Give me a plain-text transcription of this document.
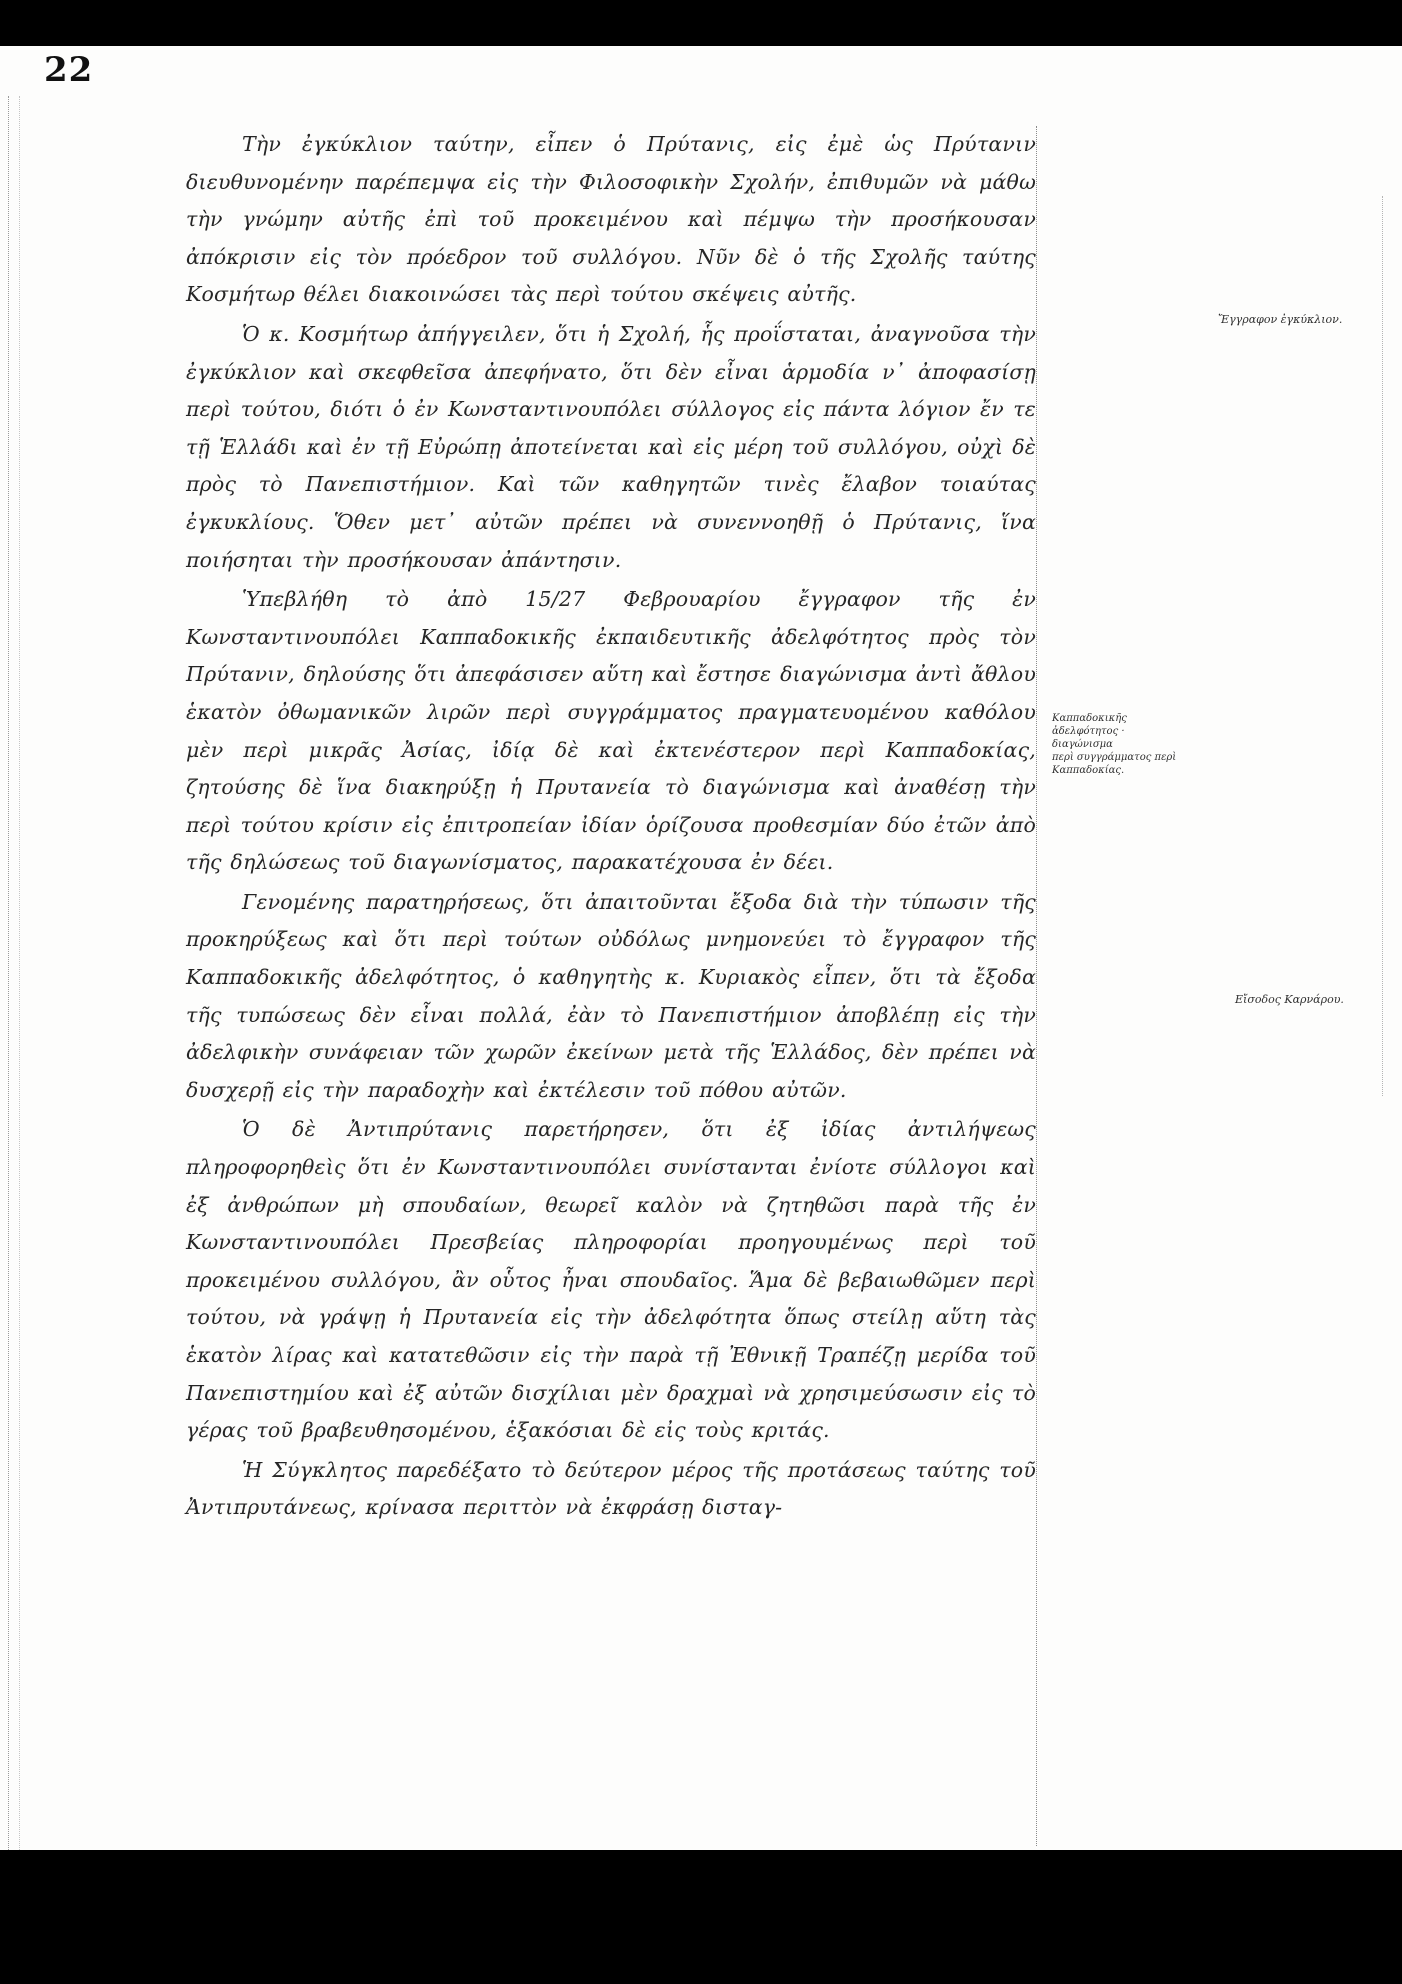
22

Τὴν ἐγκύκλιον ταύτην, εἶπεν ὁ Πρύτανις, εἰς ἐμὲ ὡς Πρύτανιν διευθυνομένην παρέπεμψα εἰς τὴν Φιλοσοφικὴν Σχολήν, ἐπιθυμῶν νὰ μάθω τὴν γνώμην αὐτῆς ἐπὶ τοῦ προκειμένου καὶ πέμψω τὴν προσήκουσαν ἀπόκρισιν εἰς τὸν πρόεδρον τοῦ συλλόγου. Νῦν δὲ ὁ τῆς Σχολῆς ταύτης Κοσμήτωρ θέλει διακοινώσει τὰς περὶ τούτου σκέψεις αὐτῆς.

Ὁ κ. Κοσμήτωρ ἀπήγγειλεν, ὅτι ἡ Σχολή, ἧς προΐσταται, ἀναγνοῦσα τὴν ἐγκύκλιον καὶ σκεφθεῖσα ἀπεφήνατο, ὅτι δὲν εἶναι ἁρμοδία ν᾽ ἀποφασίσῃ περὶ τούτου, διότι ὁ ἐν Κωνσταντινουπόλει σύλλογος εἰς πάντα λόγιον ἔν τε τῇ Ἑλλάδι καὶ ἐν τῇ Εὐρώπῃ ἀποτείνεται καὶ εἰς μέρη τοῦ συλλόγου, οὐχὶ δὲ πρὸς τὸ Πανεπιστήμιον. Καὶ τῶν καθηγητῶν τινὲς ἔλαβον τοιαύτας ἐγκυκλίους. Ὅθεν μετ᾽ αὐτῶν πρέπει νὰ συνεννοηθῇ ὁ Πρύτανις, ἵνα ποιήσηται τὴν προσήκουσαν ἀπάντησιν.

Ὑπεβλήθη τὸ ἀπὸ 15/27 Φεβρουαρίου ἔγγραφον τῆς ἐν Κωνσταντινουπόλει Καππαδοκικῆς ἐκπαιδευτικῆς ἀδελφότητος πρὸς τὸν Πρύτανιν, δηλούσης ὅτι ἀπεφάσισεν αὕτη καὶ ἔστησε διαγώνισμα ἀντὶ ἄθλου ἑκατὸν ὀθωμανικῶν λιρῶν περὶ συγγράμματος πραγματευομένου καθόλου μὲν περὶ μικρᾶς Ἀσίας, ἰδίᾳ δὲ καὶ ἐκτενέστερον περὶ Καππαδοκίας, ζητούσης δὲ ἵνα διακηρύξῃ ἡ Πρυτανεία τὸ διαγώνισμα καὶ ἀναθέσῃ τὴν περὶ τούτου κρίσιν εἰς ἐπιτροπείαν ἰδίαν ὁρίζουσα προθεσμίαν δύο ἐτῶν ἀπὸ τῆς δηλώσεως τοῦ διαγωνίσματος, παρακατέχουσα ἐν δέει.

Γενομένης παρατηρήσεως, ὅτι ἀπαιτοῦνται ἔξοδα διὰ τὴν τύπωσιν τῆς προκηρύξεως καὶ ὅτι περὶ τούτων οὐδόλως μνημονεύει τὸ ἔγγραφον τῆς Καππαδοκικῆς ἀδελφότητος, ὁ καθηγητὴς κ. Κυριακὸς εἶπεν, ὅτι τὰ ἔξοδα τῆς τυπώσεως δὲν εἶναι πολλά, ἐὰν τὸ Πανεπιστήμιον ἀποβλέπῃ εἰς τὴν ἀδελφικὴν συνάφειαν τῶν χωρῶν ἐκείνων μετὰ τῆς Ἑλλάδος, δὲν πρέπει νὰ δυσχερῇ εἰς τὴν παραδοχὴν καὶ ἐκτέλεσιν τοῦ πόθου αὐτῶν.

Ὁ δὲ Ἀντιπρύτανις παρετήρησεν, ὅτι ἐξ ἰδίας ἀντιλήψεως πληροφορηθεὶς ὅτι ἐν Κωνσταντινουπόλει συνίστανται ἐνίοτε σύλλογοι καὶ ἐξ ἀνθρώπων μὴ σπουδαίων, θεωρεῖ καλὸν νὰ ζητηθῶσι παρὰ τῆς ἐν Κωνσταντινουπόλει Πρεσβείας πληροφορίαι προηγουμένως περὶ τοῦ προκειμένου συλλόγου, ἂν οὗτος ἦναι σπουδαῖος. Ἅμα δὲ βεβαιωθῶμεν περὶ τούτου, νὰ γράψῃ ἡ Πρυτανεία εἰς τὴν ἀδελφότητα ὅπως στείλῃ αὕτη τὰς ἑκατὸν λίρας καὶ κατατεθῶσιν εἰς τὴν παρὰ τῇ Ἐθνικῇ Τραπέζῃ μερίδα τοῦ Πανεπιστημίου καὶ ἐξ αὐτῶν δισχίλιαι μὲν δραχμαὶ νὰ χρησιμεύσωσιν εἰς τὸ γέρας τοῦ βραβευθησομένου, ἑξακόσιαι δὲ εἰς τοὺς κριτάς.

Ἡ Σύγκλητος παρεδέξατο τὸ δεύτερον μέρος τῆς προτάσεως ταύτης τοῦ Ἀντιπρυτάνεως, κρίνασα περιττὸν νὰ ἐκφράσῃ δισταγ-

Ἔγγραφον ἐγκύκλιον.
Καππαδοκικῆς
ἀδελφότητος · διαγώνισμα
περὶ συγγράμματος περὶ
Καππαδοκίας.
Εἴσοδος Καρνάρου.
